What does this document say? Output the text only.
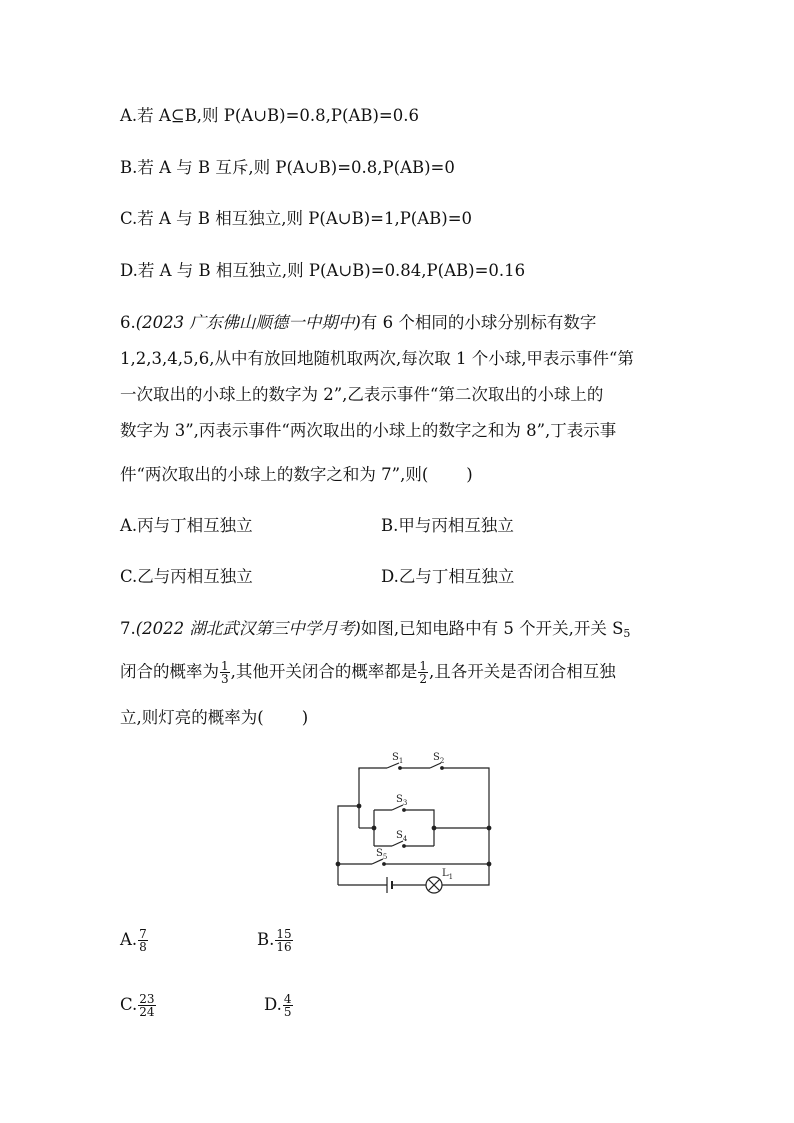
A.若 A⊆B,则 P(A∪B)=0.8,P(AB)=0.6
B.若 A 与 B 互斥,则 P(A∪B)=0.8,P(AB)=0
C.若 A 与 B 相互独立,则 P(A∪B)=1,P(AB)=0
D.若 A 与 B 相互独立,则 P(A∪B)=0.84,P(AB)=0.16
6.(2023 广东佛山顺德一中期中)有 6 个相同的小球分别标有数字
1,2,3,4,5,6,从中有放回地随机取两次,每次取 1 个小球,甲表示事件“第
一次取出的小球上的数字为 2”,乙表示事件“第二次取出的小球上的
数字为 3”,丙表示事件“两次取出的小球上的数字之和为 8”,丁表示事
件“两次取出的小球上的数字之和为 7”,则( )
A.丙与丁相互独立	B.甲与丙相互独立
C.乙与丙相互独立	D.乙与丁相互独立
7.(2022 湖北武汉第三中学月考)如图,已知电路中有 5 个开关,开关 $S_5$
闭合的概率为 $\frac{1}{3}$ ,其他开关闭合的概率都是 $\frac{1}{2}$ ,且各开关是否闭合相互独
立,则灯亮的概率为( )
$S_1$	$S_2$
$S_3$
$S_4$
$S_5$
$L_1$
A. $\frac{7}{8}$	B. $\frac{15}{16}$
C. $\frac{23}{24}$	D. $\frac{4}{5}$
